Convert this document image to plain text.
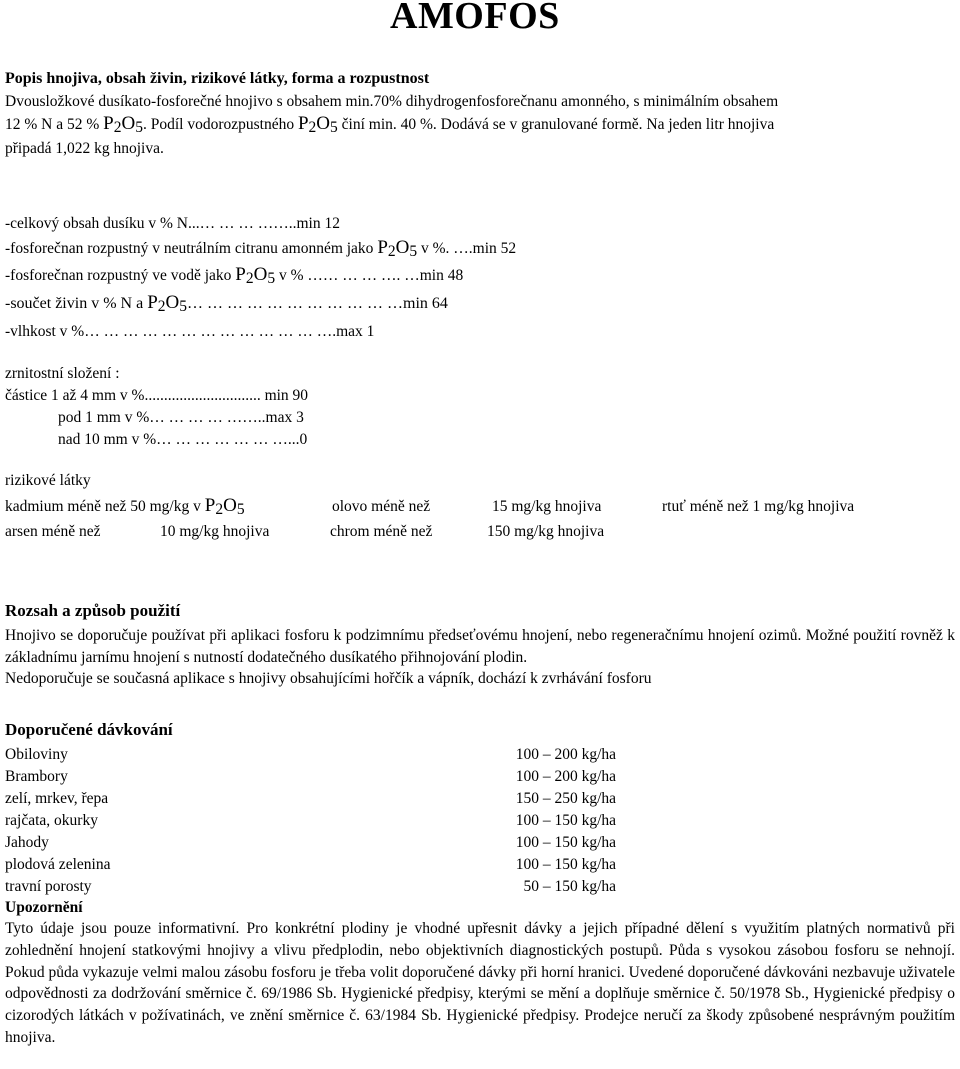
AMOFOS
Popis hnojiva, obsah živin, rizikové látky, forma a rozpustnost
Dvousložkové dusíkato-fosforečné hnojivo s obsahem min.70% dihydrogenfosforečnanu amonného, s minimálním obsahem
12 % N a 52 % P2O5. Podíl vodorozpustného P2O5 činí min. 40 %. Dodává se v granulované formě. Na jeden litr hnojiva
připadá 1,022 kg hnojiva.
-celkový obsah dusíku v % N...… … … ……..min 12
-fosforečnan rozpustný v neutrálním citranu amonném jako P2O5 v %. ….min 52
-fosforečnan rozpustný ve vodě jako P2O5 v % …… … … …. …min 48
-součet živin v % N a P2O5… … … … … … … … … … …min 64
-vlhkost v %… … … … … … … … … … … … ….max 1
zrnitostní složení :
částice 1 až 4 mm v %.............................. min 90
pod 1 mm v %… … … … ……..max 3
nad 10 mm v %… … … … … … …...0
rizikové látky
kadmium méně než 50 mg/kg v P2O5	olovo méně než	15 mg/kg hnojiva	rtuť méně než 1 mg/kg hnojiva
arsen méně než	10 mg/kg hnojiva	chrom méně než	150 mg/kg hnojiva
Rozsah a způsob použití
Hnojivo se doporučuje používat při aplikaci fosforu k podzimnímu předseťovému hnojení, nebo regeneračnímu hnojení ozimů. Možné použití rovněž k základnímu jarnímu hnojení s nutností dodatečného dusíkatého přihnojování plodin.
Nedoporučuje se současná aplikace s hnojivy obsahujícími hořčík a vápník, dochází k zvrhávání fosforu
Doporučené dávkování
Obiloviny	100 – 200 kg/ha
Brambory	100 – 200 kg/ha
zelí, mrkev, řepa	150 – 250 kg/ha
rajčata, okurky	100 – 150 kg/ha
Jahody	100 – 150 kg/ha
plodová zelenina	100 – 150 kg/ha
travní porosty	50 – 150 kg/ha
Upozornění
Tyto údaje jsou pouze informativní. Pro konkrétní plodiny je vhodné upřesnit dávky a jejich případné dělení s využitím platných normativů při zohlednění hnojení statkovými hnojivy a vlivu předplodin, nebo objektivních diagnostických postupů. Půda s vysokou zásobou fosforu se nehnojí. Pokud půda vykazuje velmi malou zásobu fosforu je třeba volit doporučené dávky při horní hranici. Uvedené doporučené dávkováni nezbavuje uživatele odpovědnosti za dodržování směrnice č. 69/1986 Sb. Hygienické předpisy, kterými se mění a doplňuje směrnice č. 50/1978 Sb., Hygienické předpisy o cizorodých látkách v požívatinách, ve znění směrnice č. 63/1984 Sb. Hygienické předpisy. Prodejce neručí za škody způsobené nesprávným použitím hnojiva.
